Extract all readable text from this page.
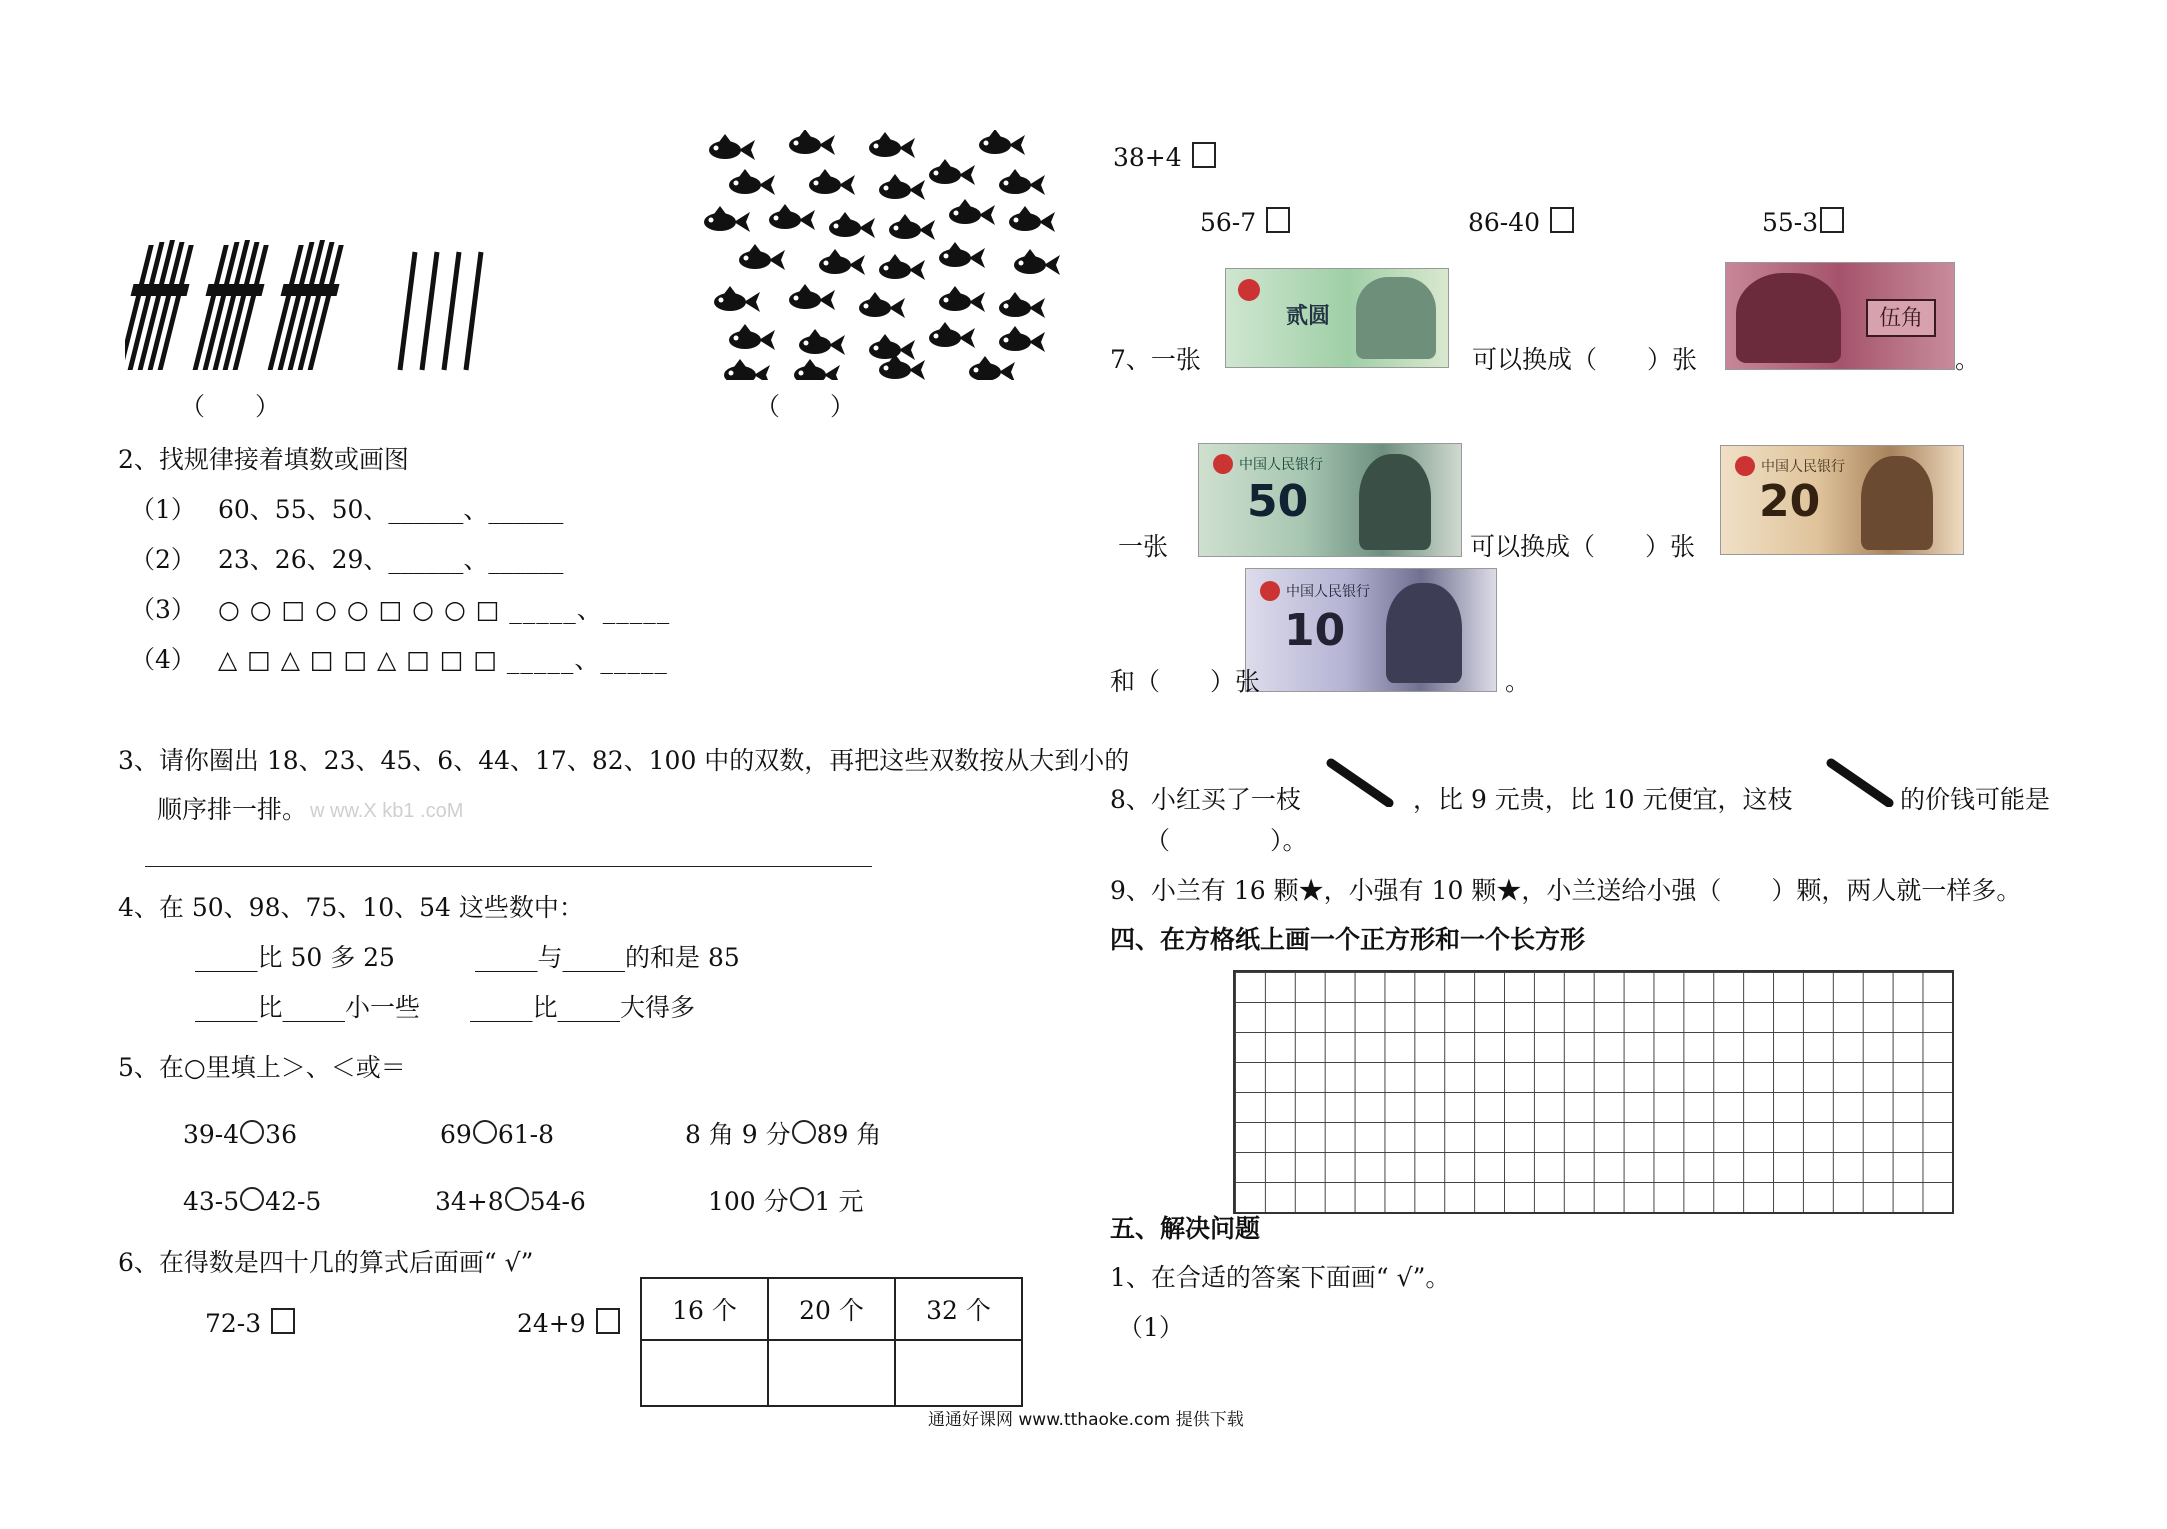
（　　）	（　　）
2、找规律接着填数或画图
（1） 60、55、50、______、______
（2） 23、26、29、______、______
（3） ○ ○ □ ○ ○ □ ○ ○ □ _____、_____
（4） △ □ △ □ □ △ □ □ □ _____、_____
3、请你圈出 18、23、45、6、44、17、82、100 中的双数，再把这些双数按从大到小的
顺序排一排。 w ww.X kb1 .coM
4、在 50、98、75、10、54 这些数中：
_____比 50 多 25	_____与_____的和是 85
_____比_____小一些 _____比_____大得多
5、在○里填上＞、＜或＝
39-4 36	69 61-8	8 角 9 分 89 角
43-5 42-5	34+8 54-6	100 分 1 元
6、在得数是四十几的算式后面画“ √”
72-3	24+9	16 个	20 个	32 个

38+4
56-7	86-40	55-3
贰圆	伍角
7、一张	可以换成（　　）张	。
中国人民银行
50
中国人民银行
20
一张	可以换成（　　）张
中国人民银行
10
和（　　）张	。
8、小红买了一枝	，比 9 元贵，比 10 元便宜，这枝	的价钱可能是
（　　　　）。
9、小兰有 16 颗★，小强有 10 颗★，小兰送给小强（　　）颗，两人就一样多。
四、在方格纸上画一个正方形和一个长方形
五、解决问题
1、在合适的答案下面画“ √”。
（1）
通通好课网 www.tthaoke.com 提供下载
